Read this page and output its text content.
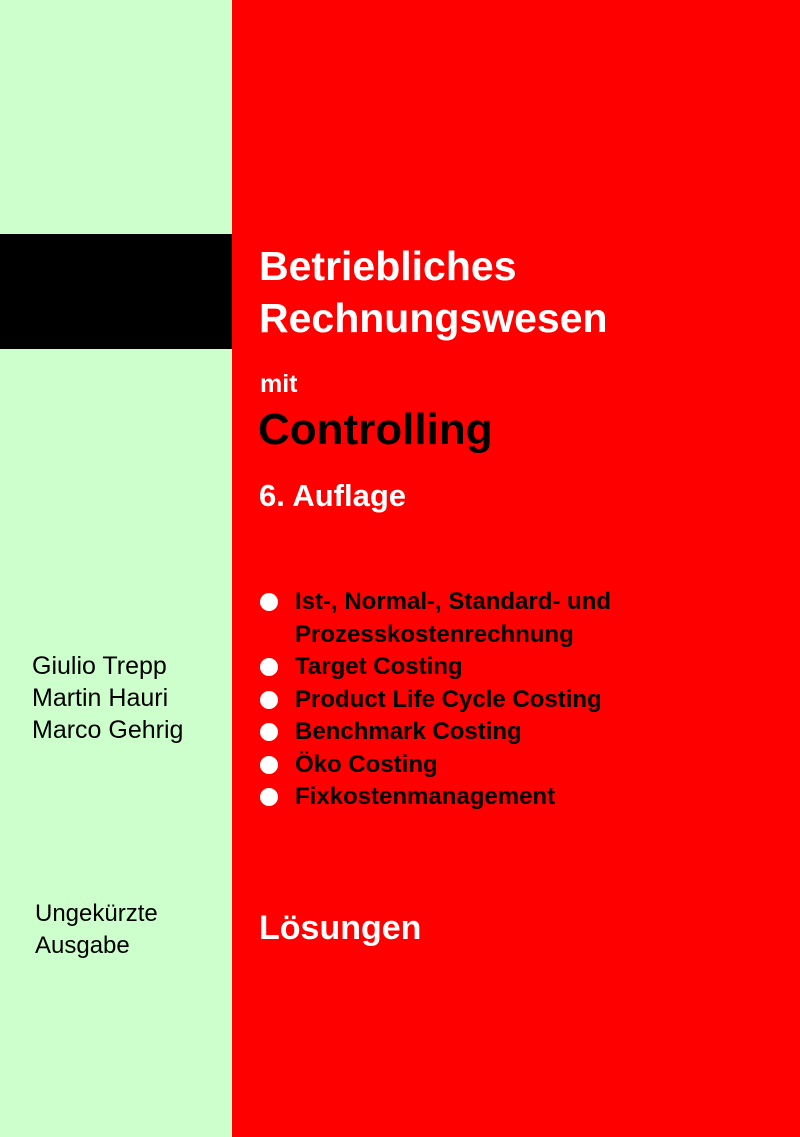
Betriebliches
Rechnungswesen
mit
Controlling
6. Auflage
Ist-, Normal-, Standard- und
Prozesskostenrechnung
Target Costing
Product Life Cycle Costing
Benchmark Costing
Öko Costing
Fixkostenmanagement
Giulio Trepp
Martin Hauri
Marco Gehrig
Ungekürzte
Ausgabe	Lösungen
